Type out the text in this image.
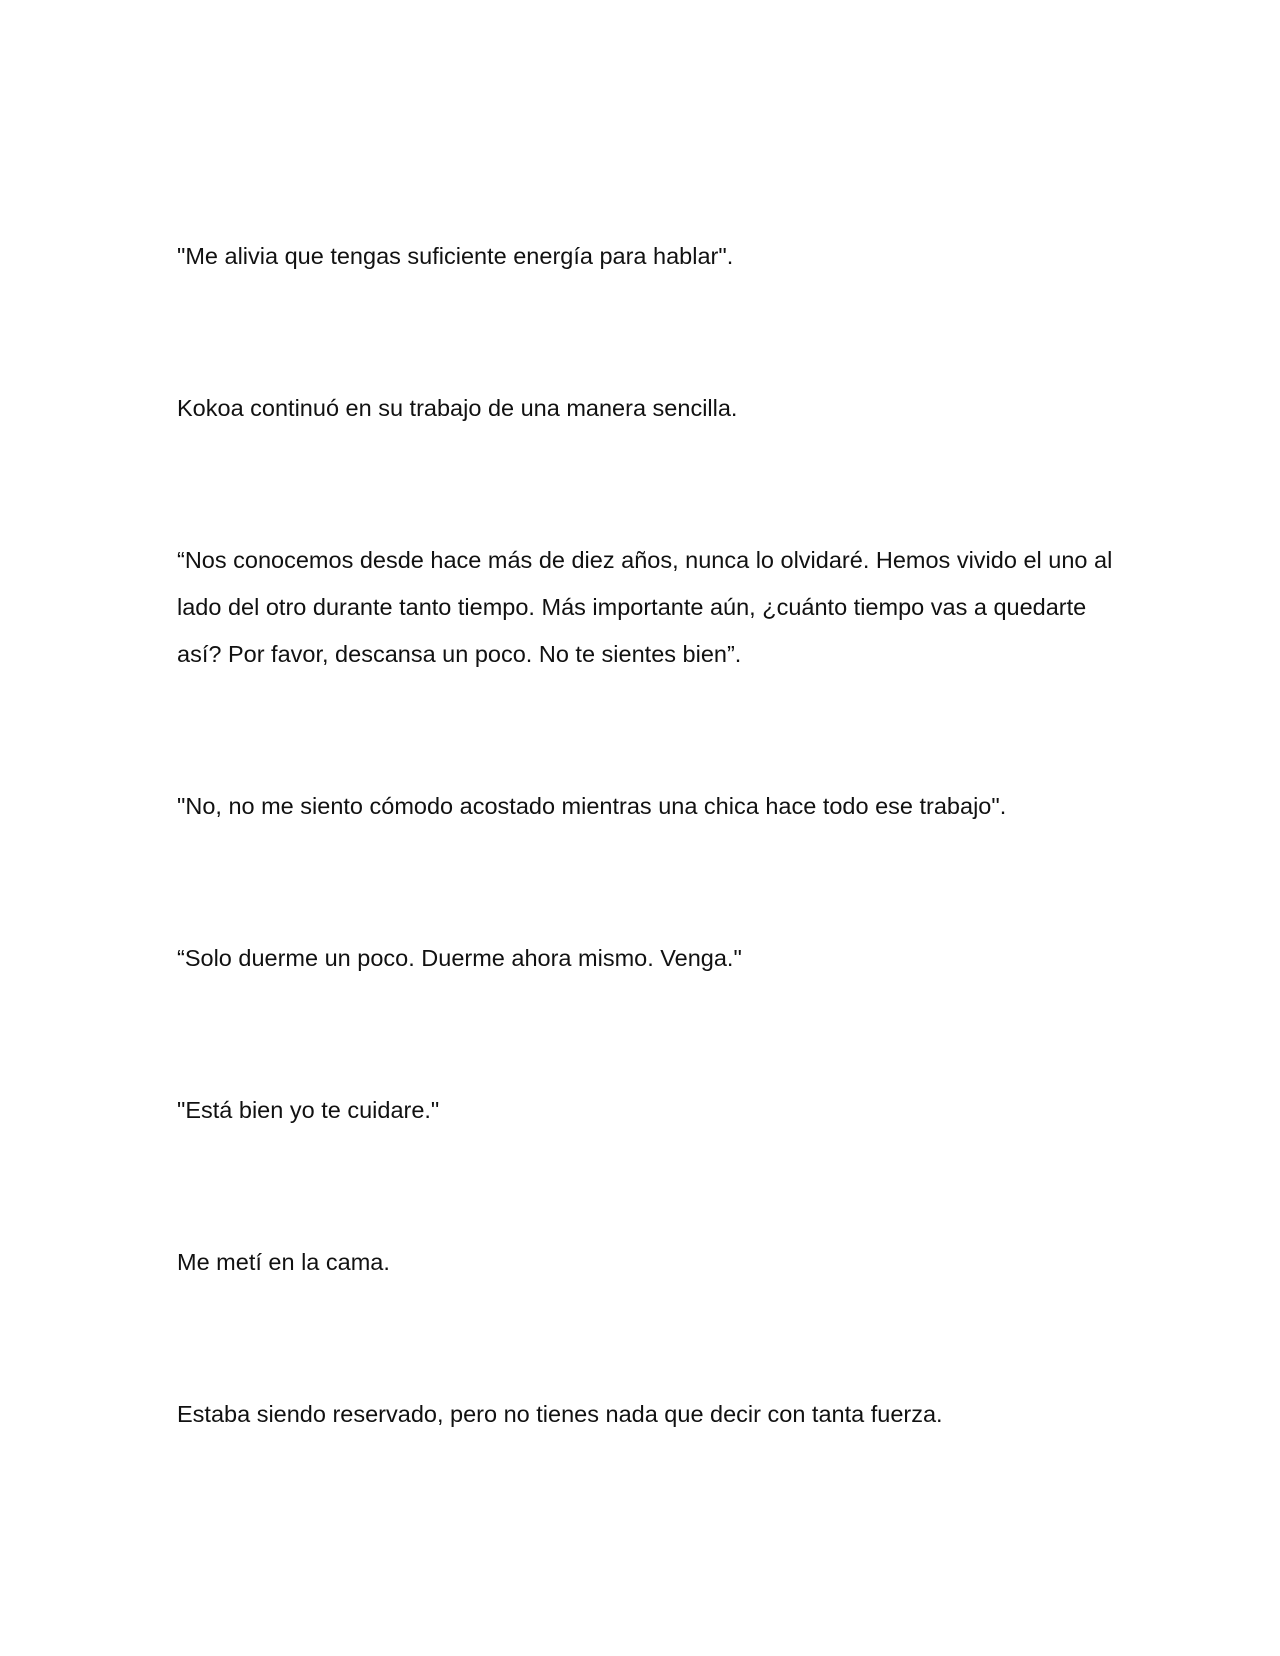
"Me alivia que tengas suficiente energía para hablar".

Kokoa continuó en su trabajo de una manera sencilla.

“Nos conocemos desde hace más de diez años, nunca lo olvidaré. Hemos vivido el uno al lado del otro durante tanto tiempo. Más importante aún, ¿cuánto tiempo vas a quedarte así? Por favor, descansa un poco. No te sientes bien”.

"No, no me siento cómodo acostado mientras una chica hace todo ese trabajo".

“Solo duerme un poco. Duerme ahora mismo. Venga."

"Está bien yo te cuidare."

Me metí en la cama.

Estaba siendo reservado, pero no tienes nada que decir con tanta fuerza.
